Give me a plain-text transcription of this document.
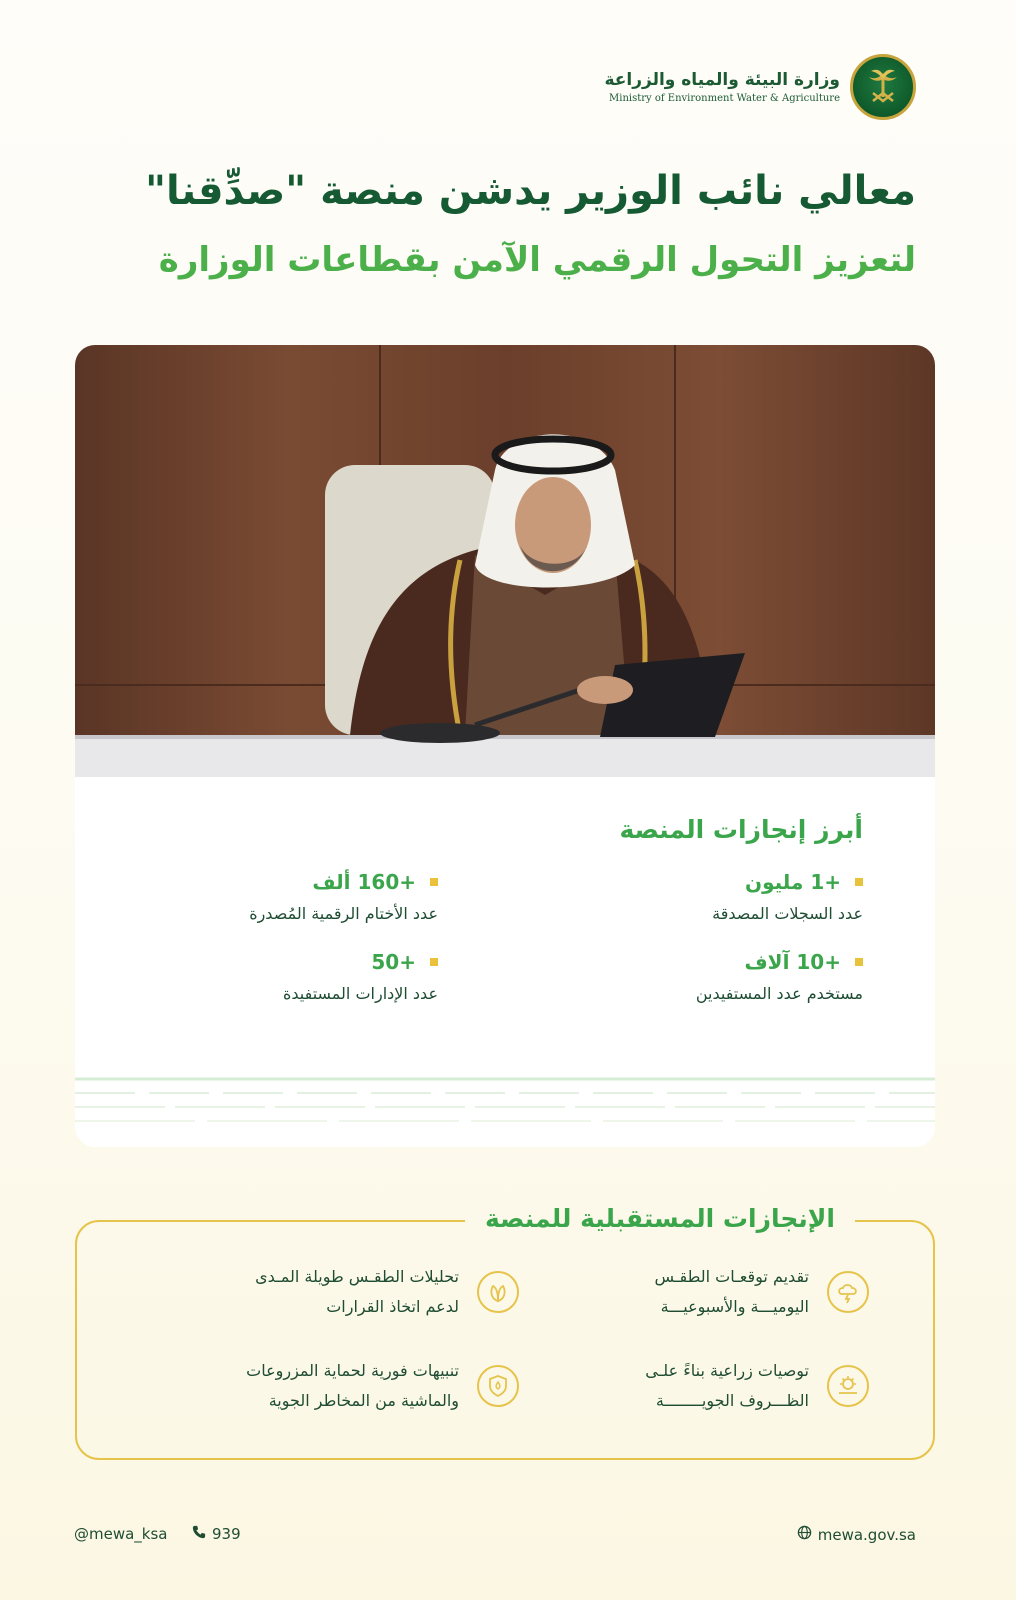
وزارة البيئة والمياه والزراعة
Ministry of Environment Water & Agriculture
معالي نائب الوزير يدشن منصة "صدِّقنا"
لتعزيز التحول الرقمي الآمن بقطاعات الوزارة
أبرز إنجازات المنصة
+1 مليون
عدد السجلات المصدقة
+160 ألف
عدد الأختام الرقمية المُصدرة
+10 آلاف
مستخدم عدد المستفيدين
+50
عدد الإدارات المستفيدة
الإنجازات المستقبلية للمنصة
تقديم توقعـات الطقـس
اليوميـــة والأسبوعيـــة
تحليلات الطقـس طويلة المـدى
لدعم اتخاذ القرارات
توصيات زراعية بناءً علـى
الظـــروف الجويــــــــة
تنبيهات فورية لحماية المزروعات
والماشية من المخاطر الجوية
mewa.gov.sa
939
@mewa_ksa
